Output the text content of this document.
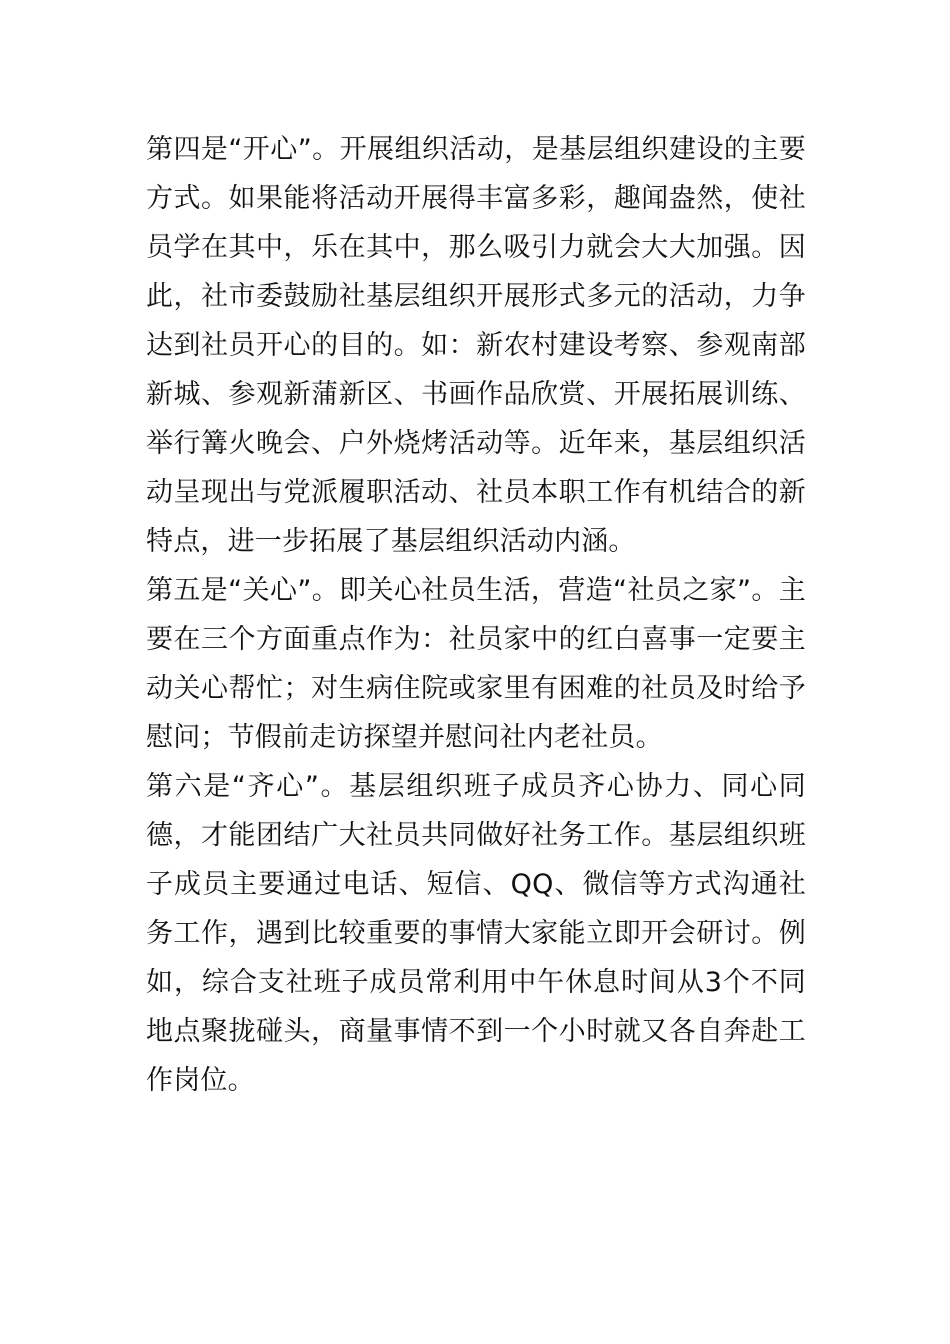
第四是“开心”。开展组织活动，是基层组织建设的主要方式。如果能将活动开展得丰富多彩，趣闻盎然，使社员学在其中，乐在其中，那么吸引力就会大大加强。因此，社市委鼓励社基层组织开展形式多元的活动，力争达到社员开心的目的。如：新农村建设考察、参观南部新城、参观新蒲新区、书画作品欣赏、开展拓展训练、举行篝火晚会、户外烧烤活动等。近年来，基层组织活动呈现出与党派履职活动、社员本职工作有机结合的新特点，进一步拓展了基层组织活动内涵。

第五是“关心”。即关心社员生活，营造“社员之家”。主要在三个方面重点作为：社员家中的红白喜事一定要主动关心帮忙；对生病住院或家里有困难的社员及时给予慰问；节假前走访探望并慰问社内老社员。

第六是“齐心”。基层组织班子成员齐心协力、同心同德，才能团结广大社员共同做好社务工作。基层组织班子成员主要通过电话、短信、QQ、微信等方式沟通社务工作，遇到比较重要的事情大家能立即开会研讨。例如，综合支社班子成员常利用中午休息时间从3个不同地点聚拢碰头，商量事情不到一个小时就又各自奔赴工作岗位。
